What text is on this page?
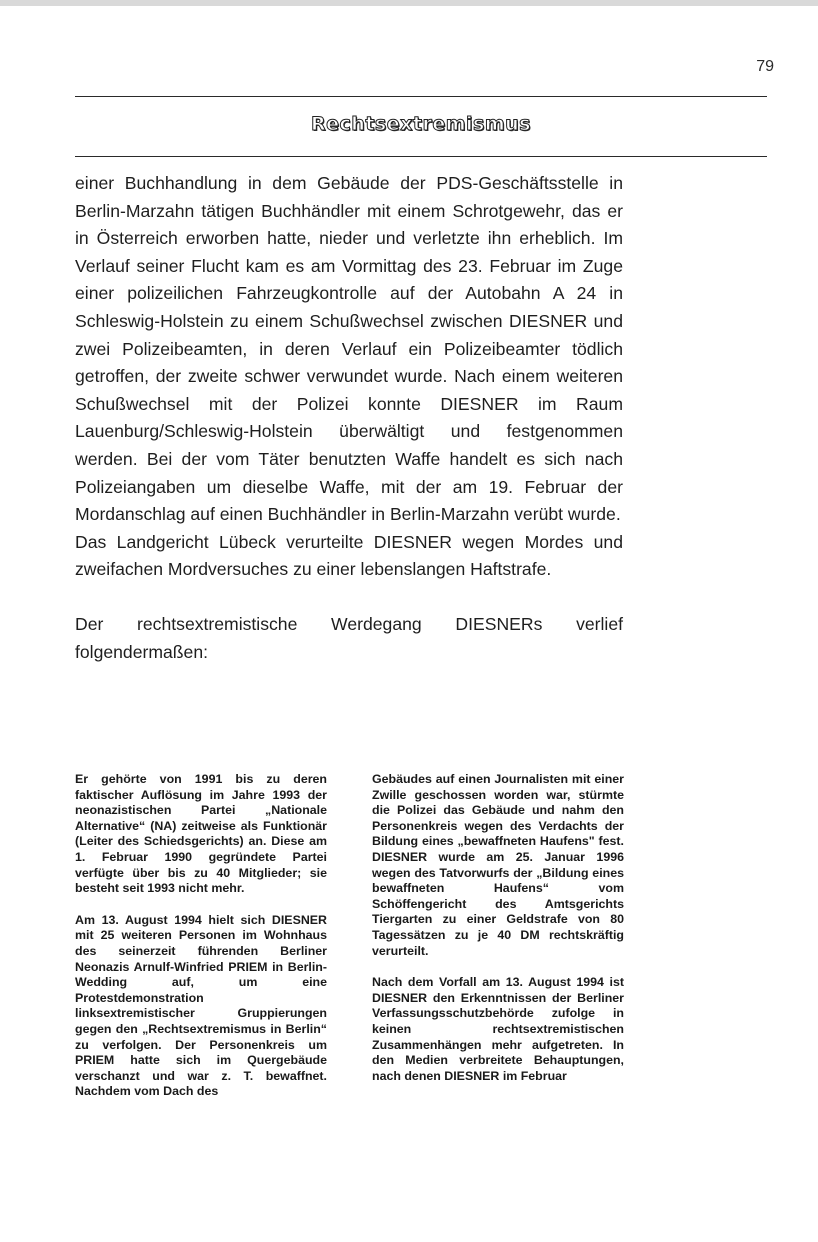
79
Rechtsextremismus

einer Buchhandlung in dem Gebäude der PDS-Geschäftsstelle in Berlin-Marzahn tätigen Buchhändler mit einem Schrotgewehr, das er in Österreich erworben hatte, nieder und verletzte ihn erheblich. Im Verlauf seiner Flucht kam es am Vormittag des 23. Februar im Zuge einer polizeilichen Fahrzeugkontrolle auf der Autobahn A 24 in Schleswig-Holstein zu einem Schußwechsel zwischen DIESNER und zwei Polizeibeamten, in deren Verlauf ein Polizeibeamter tödlich getroffen, der zweite schwer verwundet wurde. Nach einem weiteren Schußwechsel mit der Polizei konnte DIESNER im Raum Lauenburg/Schleswig-Holstein überwältigt und festgenommen werden. Bei der vom Täter benutzten Waffe handelt es sich nach Polizeiangaben um dieselbe Waffe, mit der am 19. Februar der Mordanschlag auf einen Buchhändler in Berlin-Marzahn verübt wurde.

Das Landgericht Lübeck verurteilte DIESNER wegen Mordes und zweifachen Mordversuches zu einer lebenslangen Haftstrafe.

Der rechtsextremistische Werdegang DIESNERs verlief folgendermaßen:

Er gehörte von 1991 bis zu deren faktischer Auflösung im Jahre 1993 der neonazistischen Partei „Nationale Alternative“ (NA) zeitweise als Funktionär (Leiter des Schiedsgerichts) an. Diese am 1. Februar 1990 gegründete Partei verfügte über bis zu 40 Mitglieder; sie besteht seit 1993 nicht mehr.

Am 13. August 1994 hielt sich DIESNER mit 25 weiteren Personen im Wohnhaus des seinerzeit führenden Berliner Neonazis Arnulf-Winfried PRIEM in Berlin-Wedding auf, um eine Protestdemonstration linksextremistischer Gruppierungen gegen den „Rechtsextremismus in Berlin“ zu verfolgen. Der Personenkreis um PRIEM hatte sich im Quergebäude verschanzt und war z. T. bewaffnet. Nachdem vom Dach des

Gebäudes auf einen Journalisten mit einer Zwille geschossen worden war, stürmte die Polizei das Gebäude und nahm den Personenkreis wegen des Verdachts der Bildung eines „bewaffneten Haufens" fest. DIESNER wurde am 25. Januar 1996 wegen des Tatvorwurfs der „Bildung eines bewaffneten Haufens“ vom Schöffengericht des Amtsgerichts Tiergarten zu einer Geldstrafe von 80 Tagessätzen zu je 40 DM rechtskräftig verurteilt.

Nach dem Vorfall am 13. August 1994 ist DIESNER den Erkenntnissen der Berliner Verfassungsschutzbehörde zufolge in keinen rechtsextremistischen Zusammenhängen mehr aufgetreten. In den Medien verbreitete Behauptungen, nach denen DIESNER im Februar
